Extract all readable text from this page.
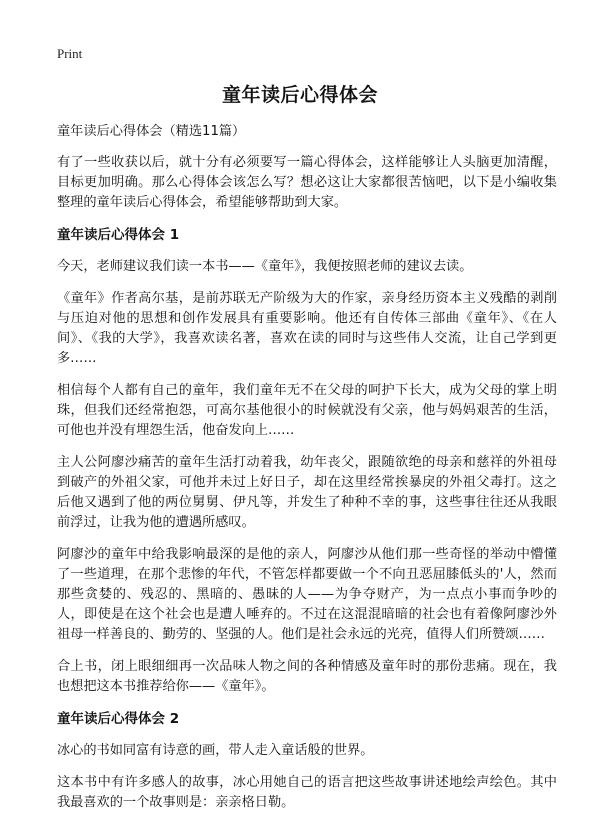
Print
童年读后心得体会

童年读后心得体会（精选11篇）

有了一些收获以后，就十分有必须要写一篇心得体会，这样能够让人头脑更加清醒，目标更加明确。那么心得体会该怎么写？想必这让大家都很苦恼吧，以下是小编收集整理的童年读后心得体会，希望能够帮助到大家。

童年读后心得体会 1

今天，老师建议我们读一本书——《童年》，我便按照老师的建议去读。

《童年》作者高尔基，是前苏联无产阶级为大的作家，亲身经历资本主义残酷的剥削与压迫对他的思想和创作发展具有重要影响。他还有自传体三部曲《童年》、《在人间》、《我的大学》，我喜欢读名著，喜欢在读的同时与这些伟人交流，让自己学到更多……

相信每个人都有自己的童年，我们童年无不在父母的呵护下长大，成为父母的掌上明珠，但我们还经常抱怨，可高尔基他很小的时候就没有父亲，他与妈妈艰苦的生活，可他也并没有埋怨生活，他奋发向上……

主人公阿廖沙痛苦的童年生活打动着我，幼年丧父，跟随欲绝的母亲和慈祥的外祖母到破产的外祖父家，可他并未过上好日子，却在这里经常挨暴戾的外祖父毒打。这之后他又遇到了他的两位舅舅、伊凡等，并发生了种种不幸的事，这些事往往还从我眼前浮过，让我为他的遭遇所感叹。

阿廖沙的童年中给我影响最深的是他的亲人，阿廖沙从他们那一些奇怪的举动中懵懂了一些道理，在那个悲惨的年代，不管怎样都要做一个不向丑恶屈膝低头的'人，然而那些贪婪的、残忍的、黑暗的、愚昧的人——为争夺财产，为一点点小事而争吵的人，即使是在这个社会也是遭人唾弃的。不过在这混混暗暗的社会也有着像阿廖沙外祖母一样善良的、勤劳的、坚强的人。他们是社会永远的光亮，值得人们所赞颂……

合上书，闭上眼细细再一次品味人物之间的各种情感及童年时的那份悲痛。现在，我也想把这本书推荐给你——《童年》。

童年读后心得体会 2

冰心的书如同富有诗意的画，带人走入童话般的世界。

这本书中有许多感人的故事，冰心用她自己的语言把这些故事讲述地绘声绘色。其中我最喜欢的一个故事则是：亲亲格日勒。
